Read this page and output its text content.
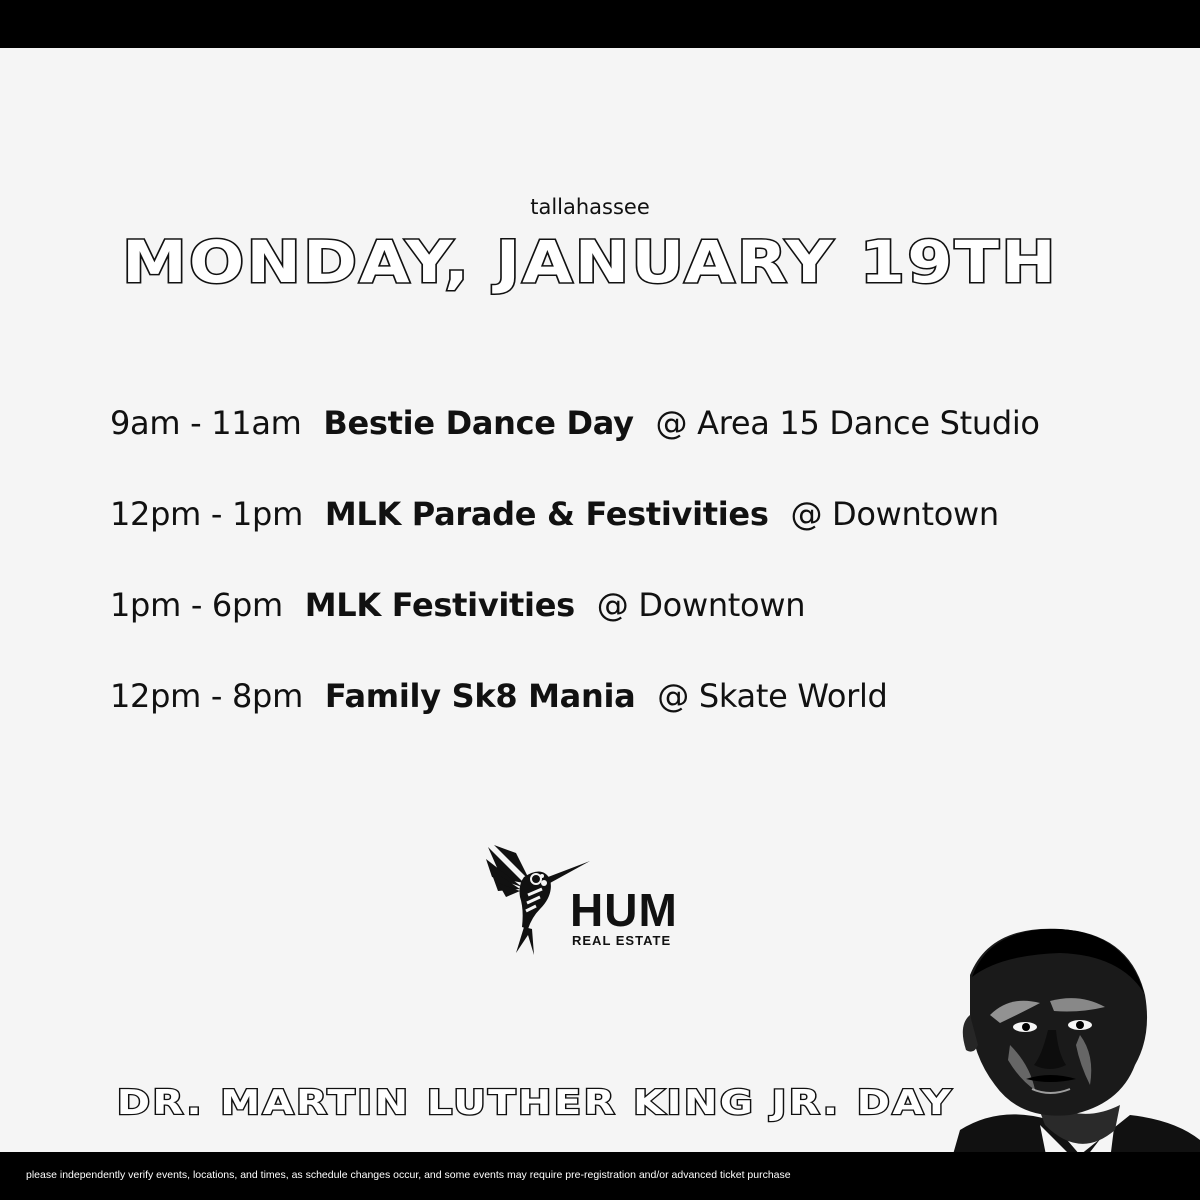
tallahassee
MONDAY, JANUARY 19TH
9am - 11am Bestie Dance Day @ Area 15 Dance Studio
12pm - 1pm MLK Parade & Festivities @ Downtown
1pm - 6pm MLK Festivities @ Downtown
12pm - 8pm Family Sk8 Mania @ Skate World
HUM
REAL ESTATE
DR. MARTIN LUTHER KING JR. DAY
please independently verify events, locations, and times, as schedule changes occur, and some events may require pre-registration and/or advanced ticket purchase
